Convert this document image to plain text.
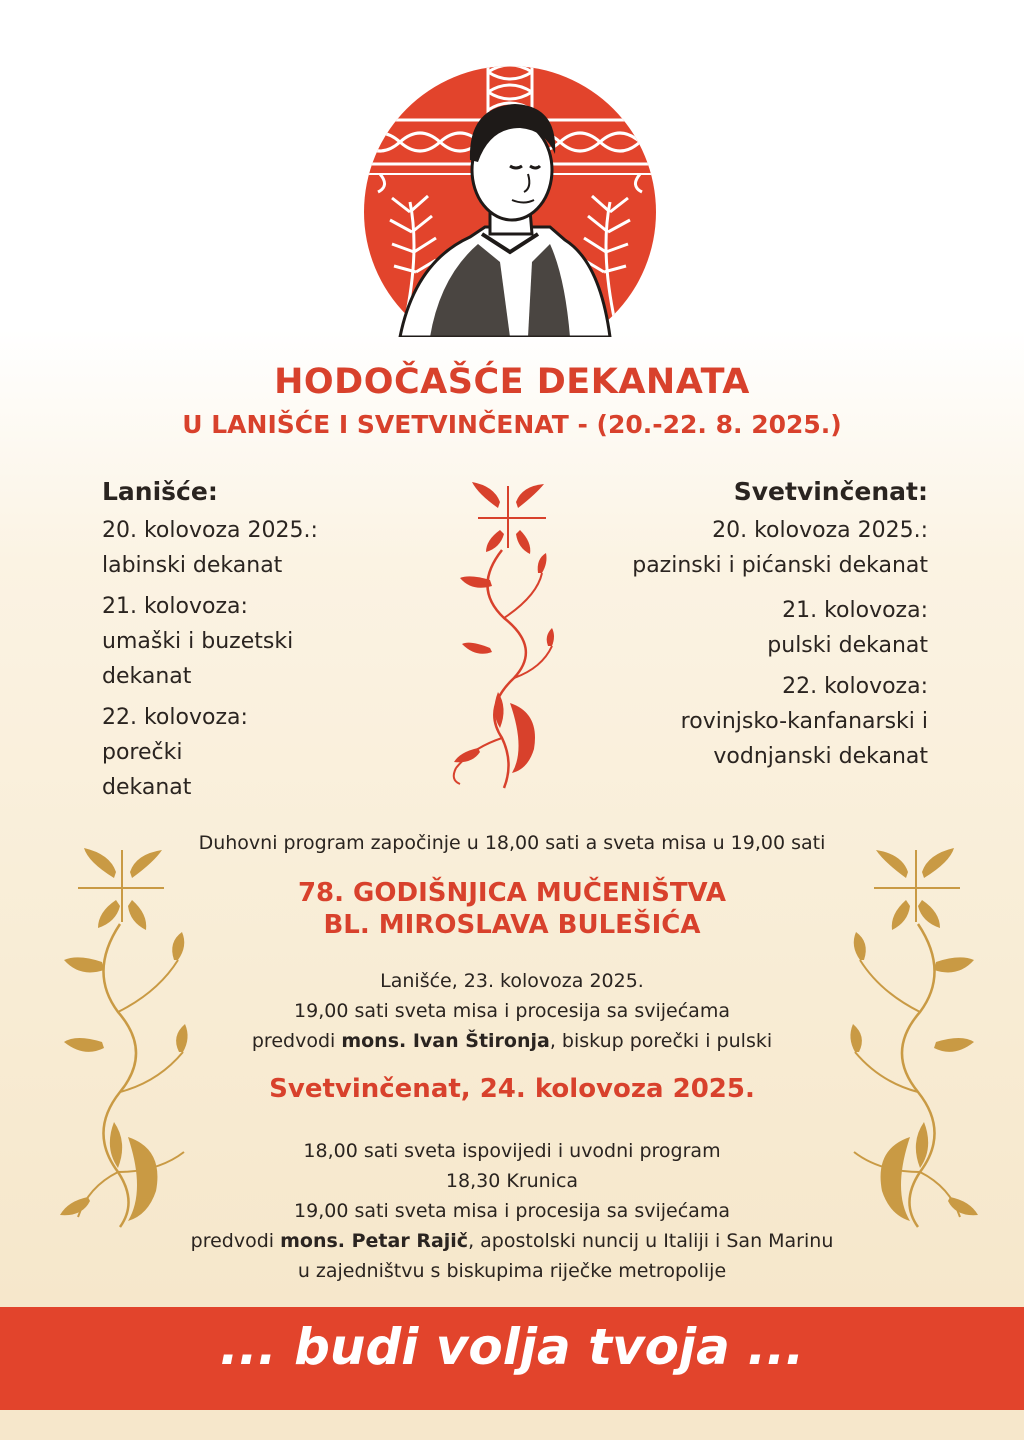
HODOČAŠĆE DEKANATA
U LANIŠĆE I SVETVINČENAT - (20.-22. 8. 2025.)
Lanišće:
20. kolovoza 2025.:
labinski dekanat
21. kolovoza:
umaški i buzetski
dekanat
22. kolovoza:
porečki
dekanat
Svetvinčenat:
20. kolovoza 2025.:
pazinski i pićanski dekanat
21. kolovoza:
pulski dekanat
22. kolovoza:
rovinjsko-kanfanarski i
vodnjanski dekanat
Duhovni program započinje u 18,00 sati a sveta misa u 19,00 sati
78. GODIŠNJICA MUČENIŠTVA
BL. MIROSLAVA BULEŠIĆA
Lanišće, 23. kolovoza 2025.
19,00 sati sveta misa i procesija sa svijećama
predvodi mons. Ivan Štironja, biskup porečki i pulski
Svetvinčenat, 24. kolovoza 2025.
18,00 sati sveta ispovijedi i uvodni program
18,30 Krunica
19,00 sati sveta misa i procesija sa svijećama
predvodi mons. Petar Rajič, apostolski nuncij u Italiji i San Marinu
u zajedništvu s biskupima riječke metropolije
... budi volja tvoja ...
